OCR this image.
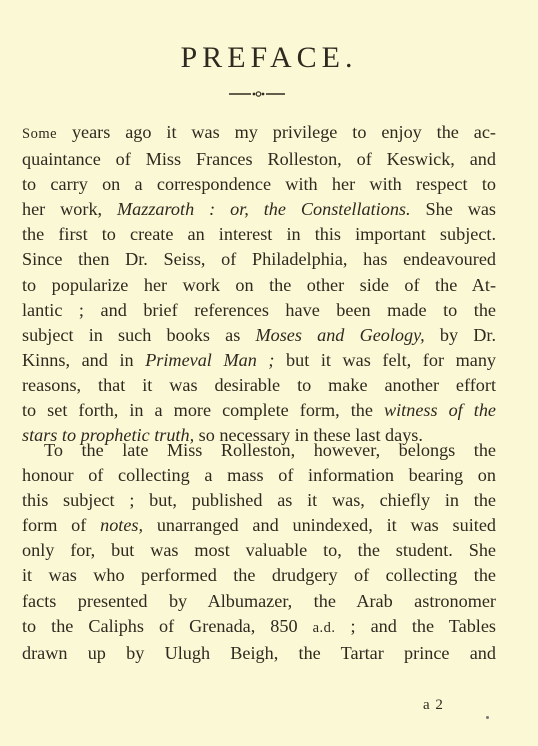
PREFACE.

Some years ago it was my privilege to enjoy the ac-
quaintance of Miss Frances Rolleston, of Keswick, and
to carry on a correspondence with her with respect to
her work, Mazzaroth : or, the Constellations. She was
the first to create an interest in this important subject.
Since then Dr. Seiss, of Philadelphia, has endeavoured
to popularize her work on the other side of the At-
lantic ; and brief references have been made to the
subject in such books as Moses and Geology, by Dr.
Kinns, and in Primeval Man ; but it was felt, for many
reasons, that it was desirable to make another effort
to set forth, in a more complete form, the witness of the
stars to prophetic truth, so necessary in these last days.

To the late Miss Rolleston, however, belongs the
honour of collecting a mass of information bearing on
this subject ; but, published as it was, chiefly in the
form of notes, unarranged and unindexed, it was suited
only for, but was most valuable to, the student. She
it was who performed the drudgery of collecting the
facts presented by Albumazer, the Arab astronomer
to the Caliphs of Grenada, 850 a.d. ; and the Tables
drawn up by Ulugh Beigh, the Tartar prince and

a 2
